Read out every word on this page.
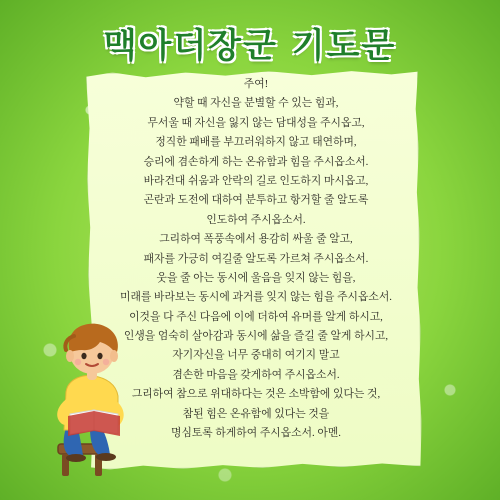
맥아더장군 기도문
주여!
약할 때 자신을 분별할 수 있는 힘과,
무서울 때 자신을 잃지 않는 담대성을 주시옵고,
정직한 패배를 부끄러워하지 않고 태연하며,
승리에 겸손하게 하는 온유함과 힘을 주시옵소서.
바라건대 쉬움과 안락의 길로 인도하지 마시옵고,
곤란과 도전에 대하여 분투하고 항거할 줄 알도록
인도하여 주시옵소서.
그리하여 폭풍속에서 용감히 싸울 줄 알고,
패자를 가긍히 여길줄 알도록 가르쳐 주시옵소서.
웃을 줄 아는 동시에 울음을 잊지 않는 힘을,
미래를 바라보는 동시에 과거를 잊지 않는 힘을 주시옵소서.
이것을 다 주신 다음에 이에 더하여 유머를 알게 하시고,
인생을 엄숙히 살아감과 동시에 삶을 즐길 줄 알게 하시고,
자기자신을 너무 중대히 여기지 말고
겸손한 마음을 갖게하여 주시옵소서.
그리하여 참으로 위대하다는 것은 소박함에 있다는 것,
참된 힘은 온유함에 있다는 것을
명심토록 하게하여 주시옵소서. 아멘.
